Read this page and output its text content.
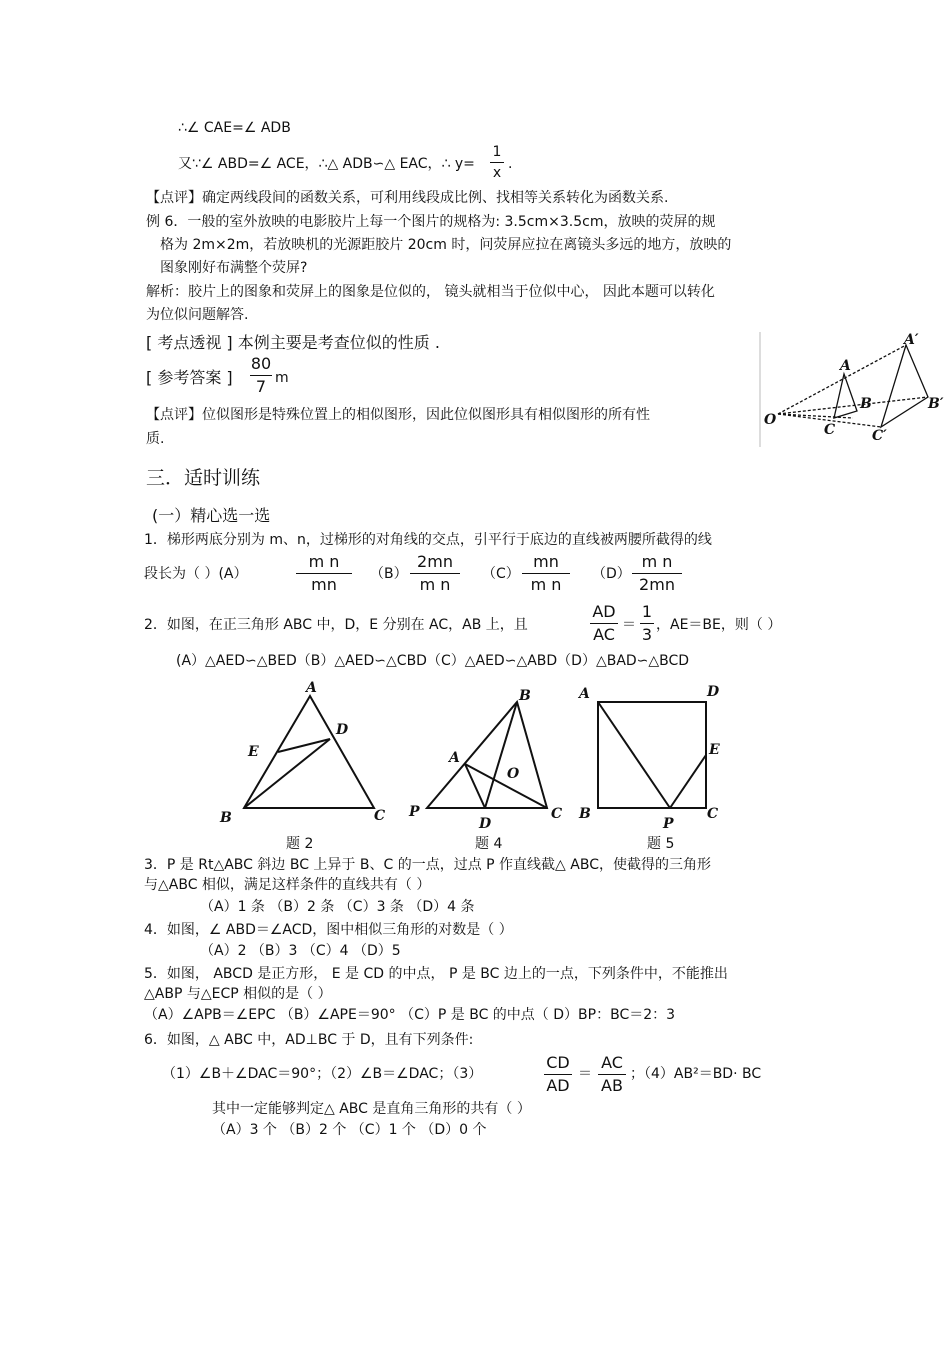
∴∠ CAE=∠ ADB
又∵∠ ABD=∠ ACE，∴△ ADB∽△ EAC，∴ y=
1
x
.
【点评】确定两线段间的函数关系，可利用线段成比例、找相等关系转化为函数关系.
例 6．一般的室外放映的电影胶片上每一个图片的规格为: 3.5cm×3.5cm，放映的荧屏的规
格为 2m×2m，若放映机的光源距胶片 20cm 时，问荧屏应拉在离镜头多远的地方，放映的
图象刚好布满整个荧屏?
解析：胶片上的图象和荧屏上的图象是位似的， 镜头就相当于位似中心， 因此本题可以转化
为位似问题解答.
[ 考点透视 ] 本例主要是考查位似的性质 .
[ 参考答案 ]
80
7 m
【点评】位似图形是特殊位置上的相似图形，因此位似图形具有相似图形的所有性
质.
O
A
B
C
A′
B′
C′
三．适时训练
(一）精心选一选
1．梯形两底分别为 m、n，过梯形的对角线的交点，引平行于底边的直线被两腰所截得的线
段长为（ ）(A）
m n
mn
（B）
2mn
m n
（C）
mn
m n
（D）
m n
2mn
2．如图，在正三角形 ABC 中，D，E 分别在 AC，AB 上，且
AD
AC ＝
1
3 ，AE＝BE，则（ ）
(A）△AED∽△BED（B）△AED∽△CBD（C）△AED∽△ABD（D）△BAD∽△BCD
A
D
E
B	C
题 2
B
A
O
P
D
C
题 4
A	D
E
B
P
C
题 5
3．P 是 Rt△ABC 斜边 BC 上异于 B、C 的一点，过点 P 作直线截△ ABC，使截得的三角形
与△ABC 相似，满足这样条件的直线共有（ ）
（A）1 条 （B）2 条 （C）3 条 （D）4 条
4．如图，∠ ABD＝∠ACD，图中相似三角形的对数是（ ）
（A）2 （B）3 （C）4 （D）5
5．如图， ABCD 是正方形， E 是 CD 的中点， P 是 BC 边上的一点，下列条件中，不能推出
△ABP 与△ECP 相似的是（ ）
（A）∠APB＝∠EPC （B）∠APE＝90° （C）P 是 BC 的中点（ D）BP：BC＝2：3
6．如图，△ ABC 中，AD⊥BC 于 D，且有下列条件:
（1）∠B＋∠DAC＝90°；（2）∠B＝∠DAC；（3）
CD
AD
＝
AC
AB
；（4）AB²＝BD· BC
其中一定能够判定△ ABC 是直角三角形的共有（ ）
（A）3 个 （B）2 个 （C）1 个 （D）0 个
